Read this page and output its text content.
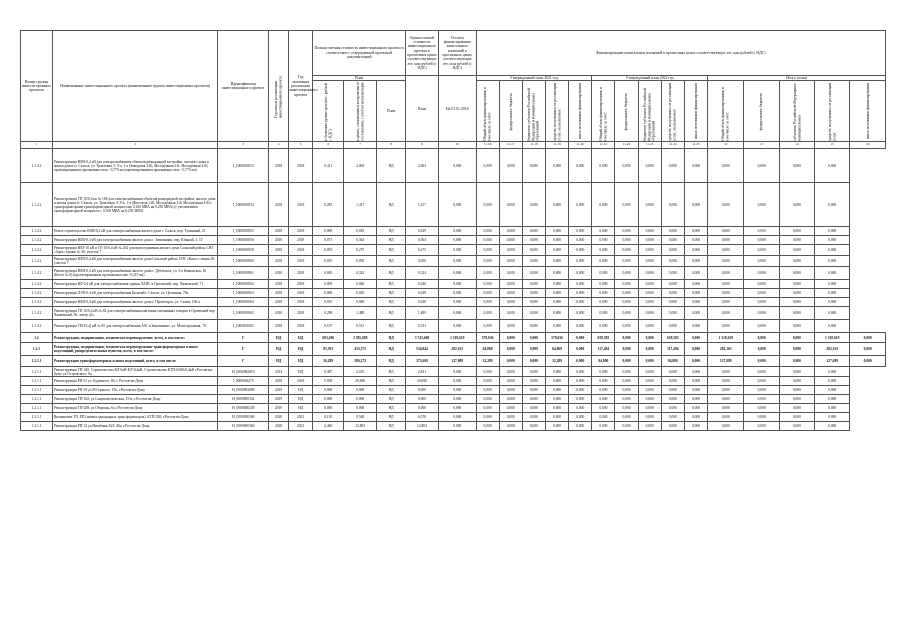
Номер группы инвести-ционных проектов	Наименование инвестиционного проекта (наименование группы инвестиционных проектов)	Идентификатор инвестиционного проекта	Год начала реализации инвестиционного проекта	Год окончания реализации инвестиционного проекта	Полная сметная стоимость инвестиционного проекта в соответствии с утвержденной проектной документацией			Оценка полной стоимости инвестиционного проекта в прогнозных ценах соответствующих лет, млн рублей (с НДС)	Остаток финансирования капитальных вложений в прогнозных ценах соответствующих лет, млн рублей (с НДС)	Финансирование капитальных вложений в прогнозных ценах соответствующих лет, млн рублей (с НДС)														
					План			План	На 01.01.2016	Утвержденный план 2021 год					Утвержденный план 2022 год					Итого (план)				

					в базисном уровне цен (тыс. рублей с НДС)	в ценах, сложившихся ко времени ее составления, с учетом актуализации	План			Общий объем финансирования, в том числе за счет:	федерального бюджета	бюджетов субъектов Российской Федерации и муниципальных образований	средств, полученных от реализации услуг, оказываемых	иных источников финансирования	Общий объем финансирования, в том числе за счет:	федерального бюджета	бюджетов субъектов Российской Федерации и муниципальных образований	средств, полученных от реализации услуг, оказываемых	иных источников финансирования	Общий объем финансирования, в том числе за счет:	федерального бюджета	субъектов Российской Федерации и муниципальных	средств, полученных от реализации услуг	иных источников финансирования

1	2	3	4	5	6	7	8	9	10	11.16	11.17	11.18	11.19	11.20	11.21	11.22	11.23	11.24	11.25	12	13	14	15	16
1.1.4.2	Реконструкция ВЛИ-0,4 кВ для электроснабжения объектов разнорядной застройки, частного дома и жилья домах (г. Сальск, ул. Трактовая, 9, 9-а, 1-а (Заводская 2-й), Молодёжная 2-й, Молодёжная 4-й) проектированием протяженностью - 0,770 км (проектированием протяженностью - 0,770 км)	I_1000000553	2018	2018	0,411	2,063	НД	2,063	0,000	0,000	0,000	0,000	0,000	0,000	0,000	0,000	0,000	0,000	0,000	0,000	0,000	0,000	0,000	
1.1.4.2	Реконструкция ТП 10/0,4 кв № 168 для электроснабжения объектов разнорядной застройки, жилого дома и жилья домах (г. Сальск, ул. Трактовая, 9, 9-а, 1-а (Флотская 1-й), Молодёжная 2-й, Молодёжная 4-й) с трансформаторами трансформаторной мощностью 0,160 МВА на 0,250 МВА) (с увеличением трансформаторной мощности с 0,160 МВА на 0,250 МВА)	I_1000000554	2018	2018	0,283	1,417	НД	1,417	0,000	0,000	0,000	0,000	0,000	0,000	0,000	0,000	0,000	0,000	0,000	0,000	0,000	0,000	0,000	
1.1.4.2	Новое строительство ВЛИ-0,4 кВ для электроснабжения жилого дома г. Сальск, пер. Туманный, 21	I_1000000555	2018	2018	0,006	0,029	НД	0,029	0,000	0,000	0,000	0,000	0,000	0,000	0,000	0,000	0,000	0,000	0,000	0,000	0,000	0,000	0,000	
1.1.4.2	Реконструкция ВЛИ-0,4 кВ для электроснабжения жилого дома г. Зимовники, пер. Южный, 3, 15	I_1000000556	2018	2018	0,073	0,364	НД	0,364	0,000	0,000	0,000	0,000	0,000	0,000	0,000	0,000	0,000	0,000	0,000	0,000	0,000	0,000	0,000	
1.1.4.2	Реконструкция ВЛЗ-10 кВ и ТП 10/0,4 кВ № 262 для присоединения жилого дома Сальский район, СНТ «Зори» здание № 30, участок 7	I_1000000558	2018	2018	0,055	0,275	НД	0,275	0,000	0,000	0,000	0,000	0,000	0,000	0,000	0,000	0,000	0,000	0,000	0,000	0,000	0,000	0,000	
1.1.4.2	Реконструкция ВЛИ-0,4 кВ для электроснабжения жилого дома Сальский район, СНТ «Колос» линия 30, участок 7	I_1000000560	2018	2018	0,010	0,050	НД	0,050	0,000	0,000	0,000	0,000	0,000	0,000	0,000	0,000	0,000	0,000	0,000	0,000	0,000	0,000	0,000	
1.1.4.2	Реконструкция ВЛИ-0,4 кВ для электроснабжения жилого дома г. Дубовское, ул. 2-я Кавказская, 16 (Котел № 8) (проектированием протяженностью -0,215 км)	I_1000000561	2018	2018	0,065	0,324	НД	0,324	0,000	0,000	0,000	0,000	0,000	0,000	0,000	0,000	0,000	0,000	0,000	0,000	0,000	0,000	0,000	
1.1.4.2	Реконструкция ВЛ-0,4 кВ для электроснабжения здания ЛАПС в Орловский, пер. Чапаевский, 71	I_1000000562	2018	2018	0,009	0,046	НД	0,046	0,000	0,000	0,000	0,000	0,000	0,000	0,000	0,000	0,000	0,000	0,000	0,000	0,000	0,000	0,000	
1.1.4.2	Реконструкция ЛЭП-0,4 кВ для электроснабжения Козачий г. Сальск, ул. Целинная, 78а	I_1000000563	2018	2018	0,006	0,029	НД	0,029	0,000	0,000	0,000	0,000	0,000	0,000	0,000	0,000	0,000	0,000	0,000	0,000	0,000	0,000	0,000	
1.1.4.2	Реконструкция ВЛИ-0,4 кВ для электроснабжения жилого дома г. Пролетарск, ул. Славы, 166-а	I_1000000564	2018	2018	0,010	0,048	НД	0,048	0,000	0,000	0,000	0,000	0,000	0,000	0,000	0,000	0,000	0,000	0,000	0,000	0,000	0,000	0,000	
1.1.4.2	Реконструкция ТП 10/0,4 кВ № 82 для электроснабжения магазина смешанных товаров в Орловский пер. Чапаевский, 96, литер «Б»	I_1000000565	2018	2018	0,298	1,489	НД	1,489	0,000	0,000	0,000	0,000	0,000	0,000	0,000	0,000	0,000	0,000	0,000	0,000	0,000	0,000	0,000	
1.1.4.2	Реконструкция ТП(10,4) кВ № 85 для электроснабжения АЗС в Зимовниках, ул. Магистральная, 70	I_1000001602	2018	2018	0,107	0,531	НД	0,531	0,000	0,000	0,000	0,000	0,000	0,000	0,000	0,000	0,000	0,000	0,000	0,000	0,000	0,000	0,000	
1.2	Реконструкция, модернизация, техническое перевооружение, всего, в том числе:	Г	НД	НД	693,206	3 585,698	НД	3 743,468	1 318,619	579,636	0,000	0,000	579,636	0,000	658,583	0,000	0,000	658,583	0,000	1 318,619	0,000	0,000	1 318,619	0,000
1.2.1	Реконструкция, модернизация, техническое перевооружение трансформаторных и иных подстанций, распределительных пунктов, всего, в том числе:	Г	НД	НД	85,391	433,375	НД	534,044	282,163	64,869	0,000	0,000	64,869	0,000	117,494	0,000	0,000	117,494	0,000	282,163	0,000	0,000	282,163	0,000
1.2.1.1	Реконструкция трансформаторных и иных подстанций, всего, в том числе:	Г	НД	НД	56,289	286,272	НД	375,669	127,089	32,289	0,000	0,000	32,289	0,000	94,800	0,000	0,000	94,800	0,000	127,089	0,000	0,000	127,089	0,000
1.2.1.1	Реконструкция ТП-345. Строительство КЛ-6кВ-КЛ-0,4кВ. Строительство КТП-630/6/0,4кВ г.Ростов-на-Дону ул.Островского, 6а	H_0000082819	2012	НД	0,387	2,555	НД	2,831	0,000	0,000	0,000	0,000	0,000	0,000	0,000	0,000	0,000	0,000	0,000	0,000	0,000	0,000	0,000	
1.2.1.1	Реконструкция РП-51 ул. Буденного, 60, г. Ростов-на-Дону	I_0000002275	2018	2018	5,938	29,690	НД	29,690	0,000	0,000	0,000	0,000	0,000	0,000	0,000	0,000	0,000	0,000	0,000	0,000	0,000	0,000	0,000	
1.2.1.1	Реконструкция РП-19 ул.М.Горького, 19а, г.Ростов-на-Дону	H_0000002080	2019	НД	0,000	0,000	НД	0,000	0,000	0,000	0,000	0,000	0,000	0,000	0,000	0,000	0,000	0,000	0,000	0,000	0,000	0,000	0,000	
1.2.1.1	Реконструкция ТП-162, ул.Социалистическая, 153е, г.Ростов-на-Дону	H_0000000162	2019	НД	0,000	0,000	НД	0,000	0,000	0,000	0,000	0,000	0,000	0,000	0,000	0,000	0,000	0,000	0,000	0,000	0,000	0,000	0,000	
1.2.1.1	Реконструкция ТП-239, ул.Обороны, 6а, г.Ростов-на-Дону	H_0000000239	2019	НД	0,000	0,000	НД	0,000	0,000	0,000	0,000	0,000	0,000	0,000	0,000	0,000	0,000	0,000	0,000	0,000	0,000	0,000	0,000	
1.2.1.1	Вычищение ТП, РП (замена однородных трансформаторов). КТП-538, г.Ростов-на-Дону	H_0000000360	2020	2021	0,110	0,548	НД	6,578	0,000	0,000	0,000	0,000	0,000	0,000	0,000	0,000	0,000	0,000	0,000	0,000	0,000	0,000	0,000	
1.2.1.1	Реконструкция РП-12 ул.Нагибина,43/4, 46а, г.Ростов-на-Дону	H_0000000360	2020	2021	2,460	12,803	НД	12,803	0,000	0,000	0,000	0,000	0,000	0,000	0,000	0,000	0,000	0,000	0,000	0,000	0,000	0,000	0,000	
